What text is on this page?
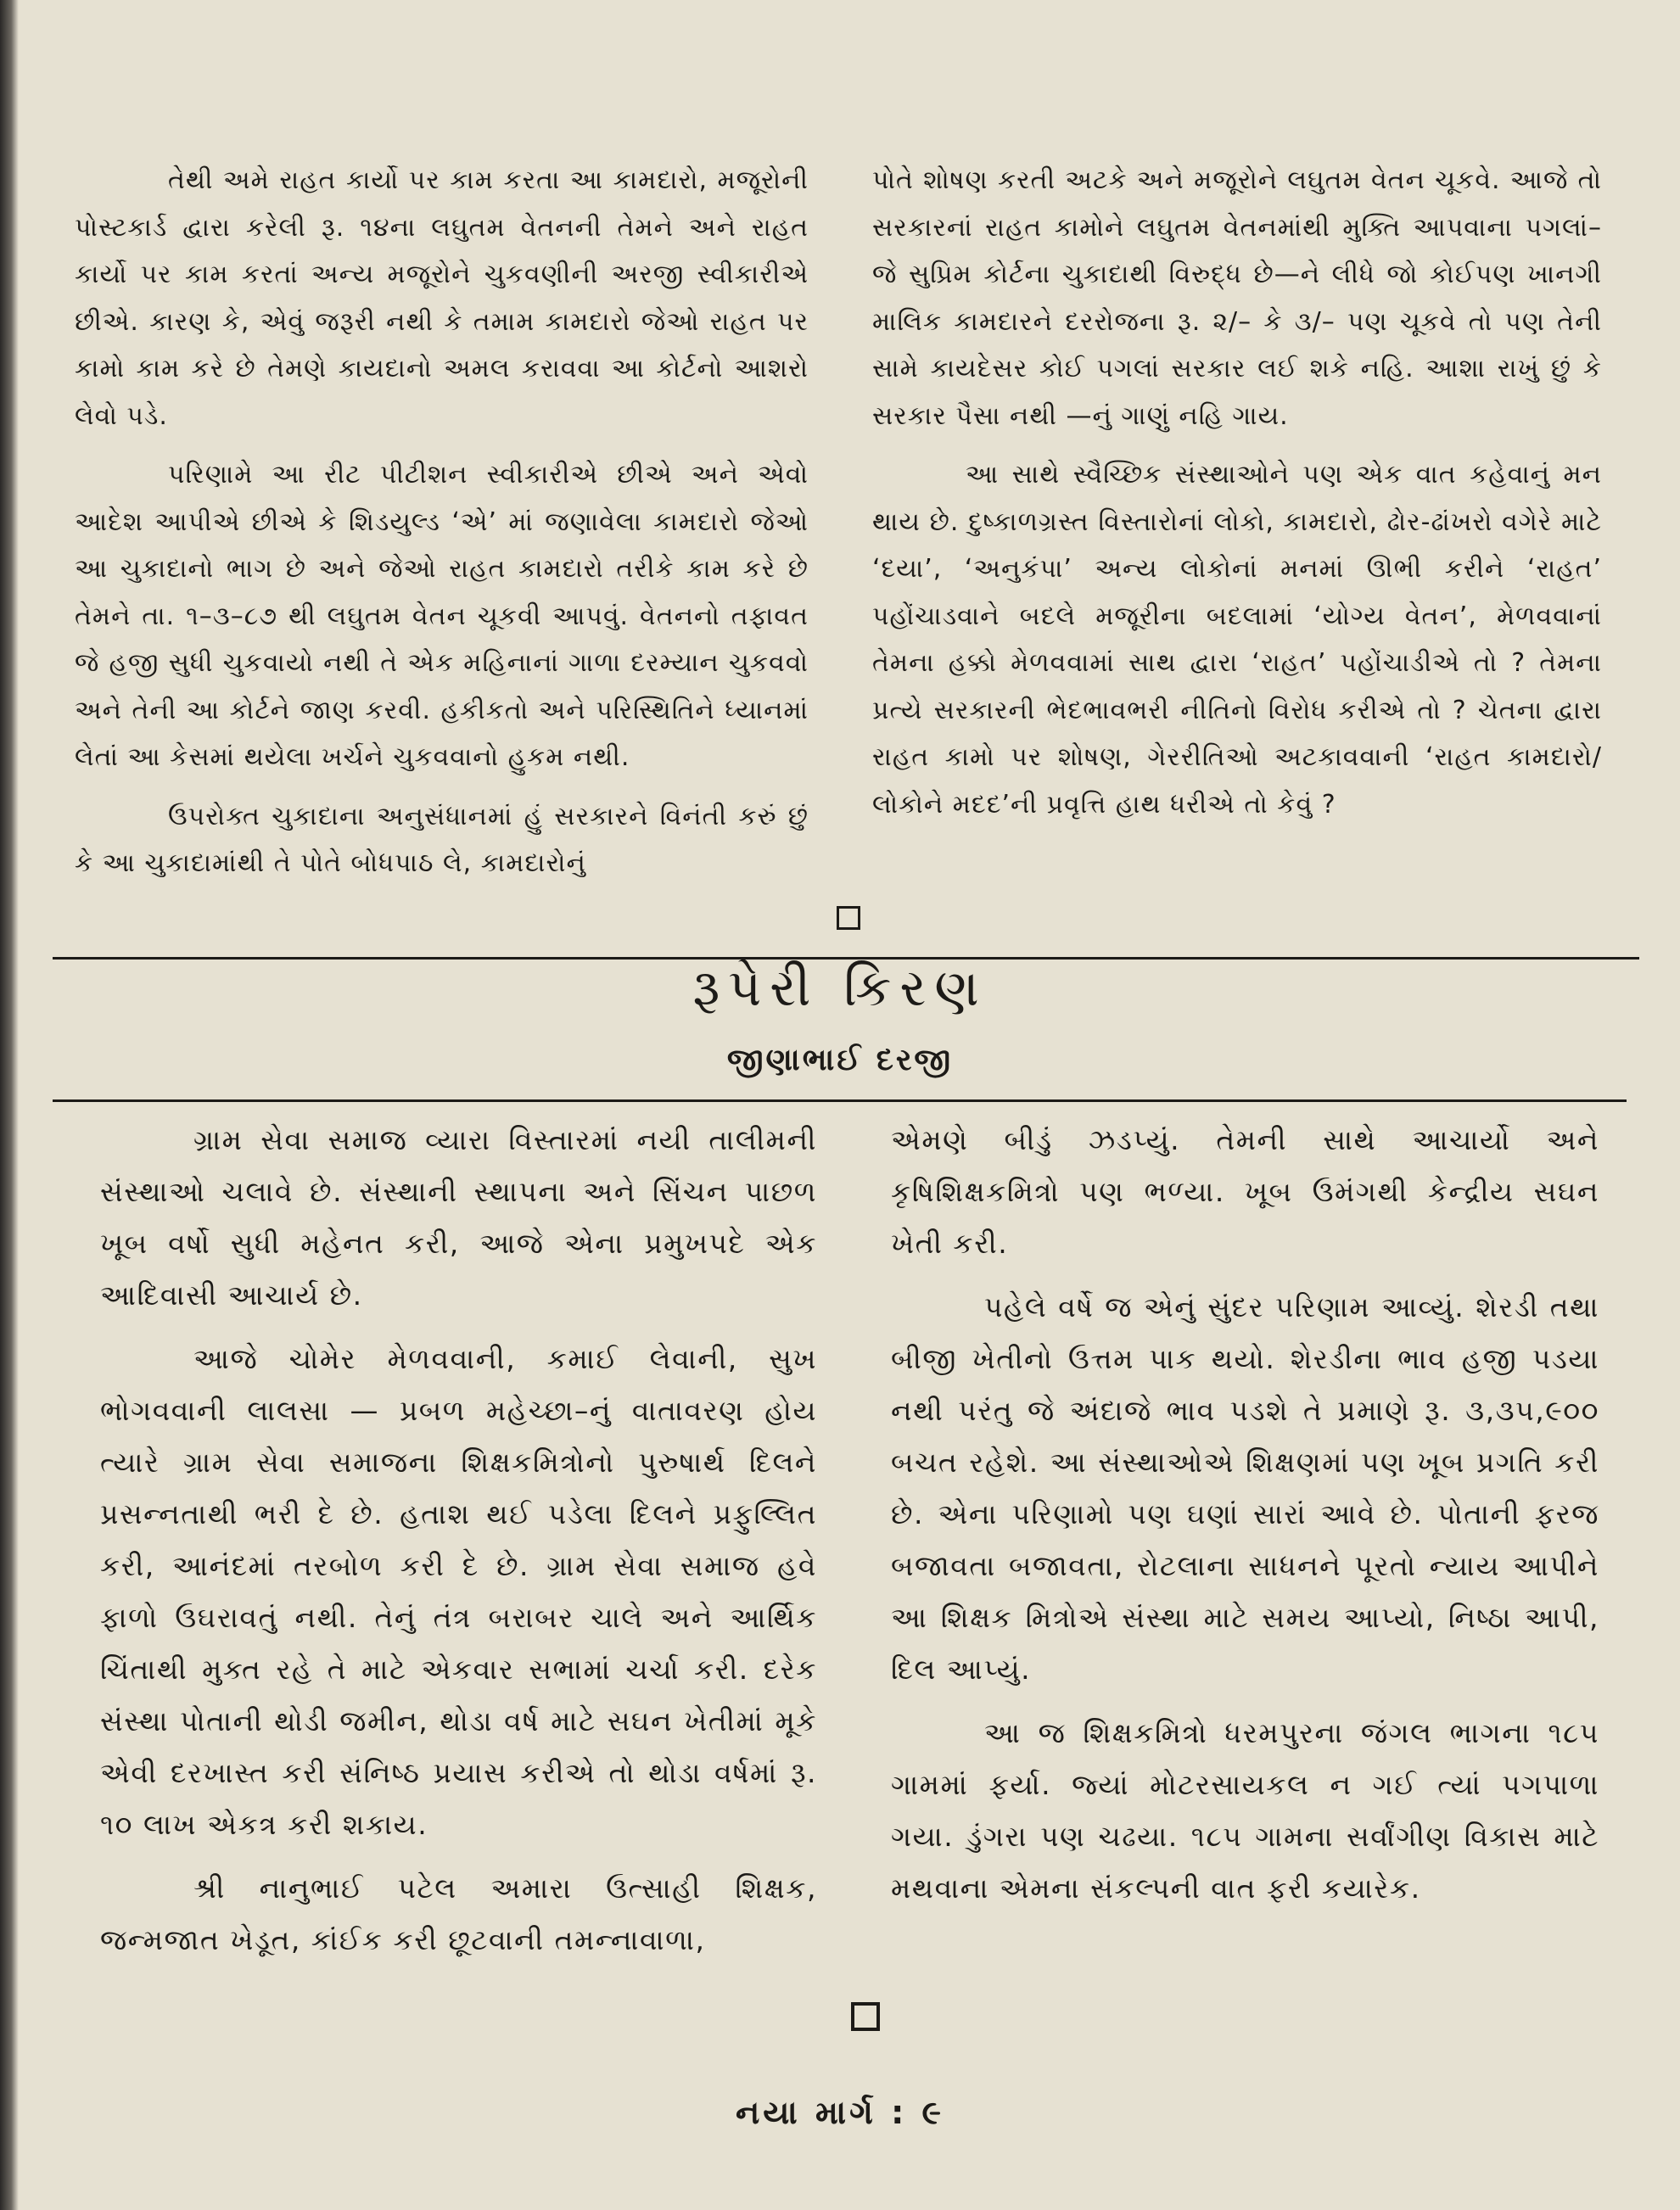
તેથી અમે રાહત કાર્યો પર કામ કરતા આ કામદારો, મજૂરોની પોસ્ટકાર્ડ દ્વારા કરેલી રૂ. ૧૪ના લઘુતમ વેતનની તેમને અને રાહત કાર્યો પર કામ કરતાં અન્ય મજૂરોને ચુકવણીની અરજી સ્વીકારીએ છીએ. કારણ કે, એવું જરૂરી નથી કે તમામ કામદારો જેઓ રાહત પર કામો કામ કરે છે તેમણે કાયદાનો અમલ કરાવવા આ કોર્ટનો આશરો લેવો પડે.

પરિણામે આ રીટ પીટીશન સ્વીકારીએ છીએ અને એવો આદેશ આપીએ છીએ કે શિડયુલ્ડ ‘એ’ માં જણાવેલા કામદારો જેઓ આ ચુકાદાનો ભાગ છે અને જેઓ રાહત કામદારો તરીકે કામ કરે છે તેમને તા. ૧–૩–૮૭ થી લઘુતમ વેતન ચૂકવી આપવું. વેતનનો તફાવત જે હજી સુધી ચુકવાયો નથી તે એક મહિનાનાં ગાળા દરમ્યાન ચુકવવો અને તેની આ કોર્ટને જાણ કરવી. હકીકતો અને પરિસ્થિતિને ધ્યાનમાં લેતાં આ કેસમાં થયેલા ખર્ચને ચુકવવાનો હુકમ નથી.

ઉપરોક્ત ચુકાદાના અનુસંધાનમાં હું સરકારને વિનંતી કરું છું કે આ ચુકાદામાંથી તે પોતે બોધપાઠ લે, કામદારોનું

પોતે શોષણ કરતી અટકે અને મજૂરોને લઘુતમ વેતન ચૂકવે. આજે તો સરકારનાં રાહત કામોને લઘુતમ વેતનમાંથી મુક્તિ આપવાના પગલાં–જે સુપ્રિમ કોર્ટના ચુકાદાથી વિરુદ્ધ છે—ને લીધે જો કોઈપણ ખાનગી માલિક કામદારને દરરોજના રૂ. ૨/– કે ૩/– પણ ચૂકવે તો પણ તેની સામે કાયદેસર કોઈ પગલાં સરકાર લઈ શકે નહિ. આશા રાખું છું કે સરકાર પૈસા નથી —નું ગાણું નહિ ગાય.

આ સાથે સ્વૈચ્છિક સંસ્થાઓને પણ એક વાત કહેવાનું મન થાય છે. દુષ્કાળગ્રસ્ત વિસ્તારોનાં લોકો, કામદારો, ઢોર-ઢાંખરો વગેરે માટે ‘દયા’, ‘અનુકંપા’ અન્ય લોકોનાં મનમાં ઊભી કરીને ‘રાહત’ પહોંચાડવાને બદલે મજૂરીના બદલામાં ‘યોગ્ય વેતન’, મેળવવાનાં તેમના હક્કો મેળવવામાં સાથ દ્વારા ‘રાહત’ પહોંચાડીએ તો ? તેમના પ્રત્યે સરકારની ભેદભાવભરી નીતિનો વિરોધ કરીએ તો ? ચેતના દ્વારા રાહત કામો પર શોષણ, ગેરરીતિઓ અટકાવવાની ‘રાહત કામદારો/લોકોને મદદ’ની પ્રવૃત્તિ હાથ ધરીએ તો કેવું ?

રૂપેરી કિરણ
જીણાભાઈ દરજી

ગ્રામ સેવા સમાજ વ્યારા વિસ્તારમાં નયી તાલીમની સંસ્થાઓ ચલાવે છે. સંસ્થાની સ્થાપના અને સિંચન પાછળ ખૂબ વર્ષો સુધી મહેનત કરી, આજે એના પ્રમુખપદે એક આદિવાસી આચાર્ય છે.

આજે ચોમેર મેળવવાની, કમાઈ લેવાની, સુખ ભોગવવાની લાલસા — પ્રબળ મહેચ્છા–નું વાતાવરણ હોય ત્યારે ગ્રામ સેવા સમાજના શિક્ષકમિત્રોનો પુરુષાર્થ દિલને પ્રસન્નતાથી ભરી દે છે. હતાશ થઈ પડેલા દિલને પ્રફુલ્લિત કરી, આનંદમાં તરબોળ કરી દે છે. ગ્રામ સેવા સમાજ હવે ફાળો ઉઘરાવતું નથી. તેનું તંત્ર બરાબર ચાલે અને આર્થિક ચિંતાથી મુક્ત રહે તે માટે એકવાર સભામાં ચર્ચા કરી. દરેક સંસ્થા પોતાની થોડી જમીન, થોડા વર્ષ માટે સઘન ખેતીમાં મૂકે એવી દરખાસ્ત કરી સંનિષ્ઠ પ્રયાસ કરીએ તો થોડા વર્ષમાં રૂ. ૧૦ લાખ એકત્ર કરી શકાય.

શ્રી નાનુભાઈ પટેલ અમારા ઉત્સાહી શિક્ષક, જન્મજાત ખેડૂત, કાંઈક કરી છૂટવાની તમન્નાવાળા,

એમણે બીડું ઝડપ્યું. તેમની સાથે આચાર્યો અને કૃષિશિક્ષકમિત્રો પણ ભળ્યા. ખૂબ ઉમંગથી કેન્દ્રીય સઘન ખેતી કરી.

પહેલે વર્ષે જ એનું સુંદર પરિણામ આવ્યું. શેરડી તથા બીજી ખેતીનો ઉત્તમ પાક થયો. શેરડીના ભાવ હજી પડયા નથી પરંતુ જે અંદાજે ભાવ પડશે તે પ્રમાણે રૂ. ૩,૩૫,૯૦૦ બચત રહેશે. આ સંસ્થાઓએ શિક્ષણમાં પણ ખૂબ પ્રગતિ કરી છે. એના પરિણામો પણ ઘણાં સારાં આવે છે. પોતાની ફરજ બજાવતા બજાવતા, રોટલાના સાધનને પૂરતો ન્યાય આપીને આ શિક્ષક મિત્રોએ સંસ્થા માટે સમય આપ્યો, નિષ્ઠા આપી, દિલ આપ્યું.

આ જ શિક્ષકમિત્રો ધરમપુરના જંગલ ભાગના ૧૮૫ ગામમાં ફર્યા. જ્યાં મોટરસાયકલ ન ગઈ ત્યાં પગપાળા ગયા. ડુંગરા પણ ચઢયા. ૧૮૫ ગામના સર્વાંગીણ વિકાસ માટે મથવાના એમના સંકલ્પની વાત ફરી કયારેક.

નયા માર્ગ : ૯
